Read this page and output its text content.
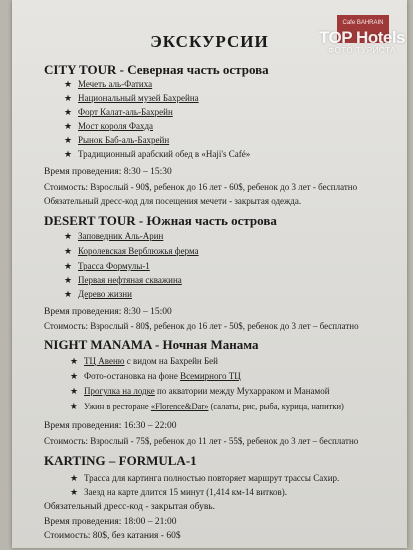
Cafe BAHRAIN
TOP Hotels
ФОТО ТУРИСТА
ЭКСКУРСИИ
CITY TOUR - Северная часть острова
★ Мечеть аль-Фатиха
★ Национальный музей Бахрейна
★ Форт Калат-аль-Бахрейн
★ Мост короля Фахда
★ Рынок Баб-аль-Бахрейн
★ Традиционный арабский обед в «Haji's Café»
Время проведения: 8:30 – 15:30
Стоимость: Взрослый - 90$, ребенок до 16 лет - 60$, ребенок до 3 лет - бесплатно
Обязательный дресс-код для посещения мечети - закрытая одежда.
DESERT TOUR - Южная часть острова
★ Заповедник Аль-Арин
★ Королевская Верблюжья ферма
★ Трасса Формулы-1
★ Первая нефтяная скважина
★ Дерево жизни
Время проведения: 8:30 – 15:00
Стоимость: Взрослый - 80$, ребенок до 16 лет - 50$, ребенок до 3 лет – бесплатно
NIGHT MANAMA - Ночная Манама
★ ТЦ Авеню с видом на Бахрейн Бей
★ Фото-остановка на фоне Всемирного ТЦ
★ Прогулка на лодке по акватории между Мухарраком и Манамой
★ Ужин в ресторане «Florence&Dar» (салаты, рис, рыба, курица, напитки)
Время проведения: 16:30 – 22:00
Стоимость: Взрослый - 75$, ребенок до 11 лет - 55$, ребенок до 3 лет – бесплатно
KARTING – FORMULA-1
★ Трасса для картинга полностью повторяет маршрут трассы Сахир.
★ Заезд на карте длится 15 минут (1,414 км-14 витков).
Обязательный дресс-код - закрытая обувь.
Время проведения: 18:00 – 21:00
Стоимость: 80$, без катания - 60$
